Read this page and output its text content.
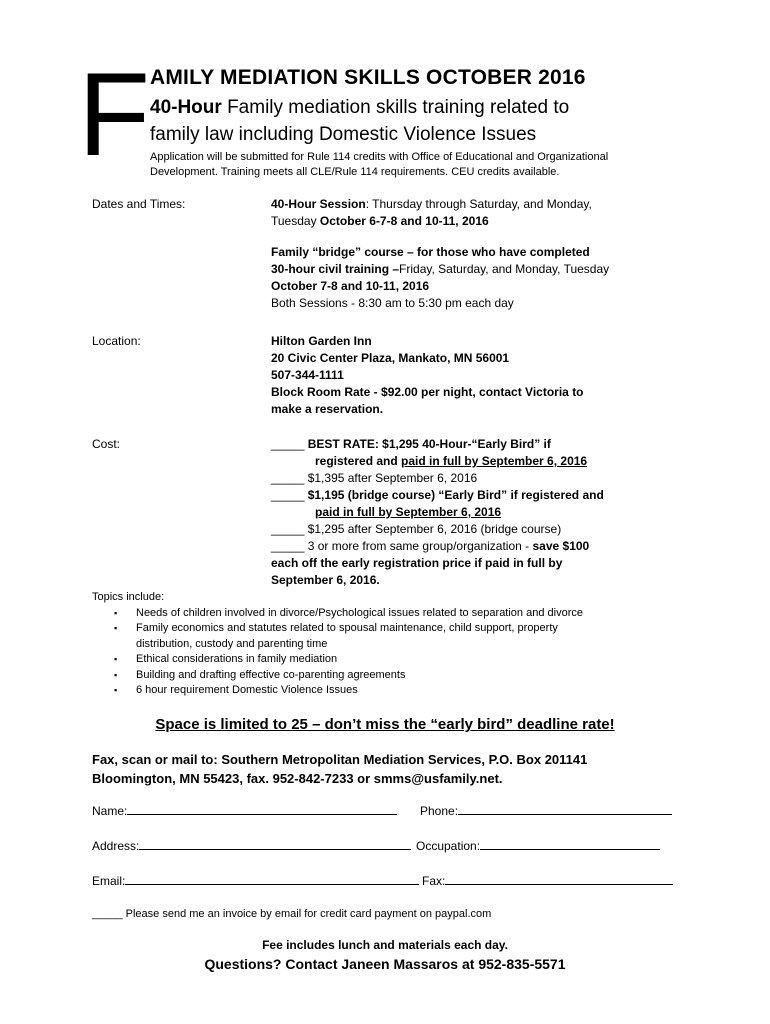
F AMILY MEDIATION SKILLS OCTOBER 2016
40-Hour Family mediation skills training related to
family law including Domestic Violence Issues
Application will be submitted for Rule 114 credits with Office of Educational and Organizational
Development. Training meets all CLE/Rule 114 requirements. CEU credits available.
Dates and Times:	40-Hour Session: Thursday through Saturday, and Monday,
Tuesday October 6-7-8 and 10-11, 2016
Family “bridge” course – for those who have completed
30-hour civil training –Friday, Saturday, and Monday, Tuesday
October 7-8 and 10-11, 2016
Both Sessions - 8:30 am to 5:30 pm each day
Location:	Hilton Garden Inn
20 Civic Center Plaza, Mankato, MN 56001
507-344-1111
Block Room Rate - $92.00 per night, contact Victoria to
make a reservation.
Cost:	_____ BEST RATE: $1,295 40-Hour-“Early Bird” if
registered and paid in full by September 6, 2016
_____ $1,395 after September 6, 2016
_____ $1,195 (bridge course) “Early Bird” if registered and
paid in full by September 6, 2016
_____ $1,295 after September 6, 2016 (bridge course)
_____ 3 or more from same group/organization - save $100
each off the early registration price if paid in full by
September 6, 2016.
Topics include:
▪ Needs of children involved in divorce/Psychological issues related to separation and divorce
▪ Family economics and statutes related to spousal maintenance, child support, property
distribution, custody and parenting time
▪ Ethical considerations in family mediation
▪ Building and drafting effective co-parenting agreements
▪ 6 hour requirement Domestic Violence Issues
Space is limited to 25 – don’t miss the “early bird” deadline rate!
Fax, scan or mail to: Southern Metropolitan Mediation Services, P.O. Box 201141
Bloomington, MN 55423, fax. 952-842-7233 or smms@usfamily.net.
Name:	Phone:
Address:	Occupation:
Email:	Fax:
_____ Please send me an invoice by email for credit card payment on paypal.com
Fee includes lunch and materials each day.
Questions? Contact Janeen Massaros at 952-835-5571
